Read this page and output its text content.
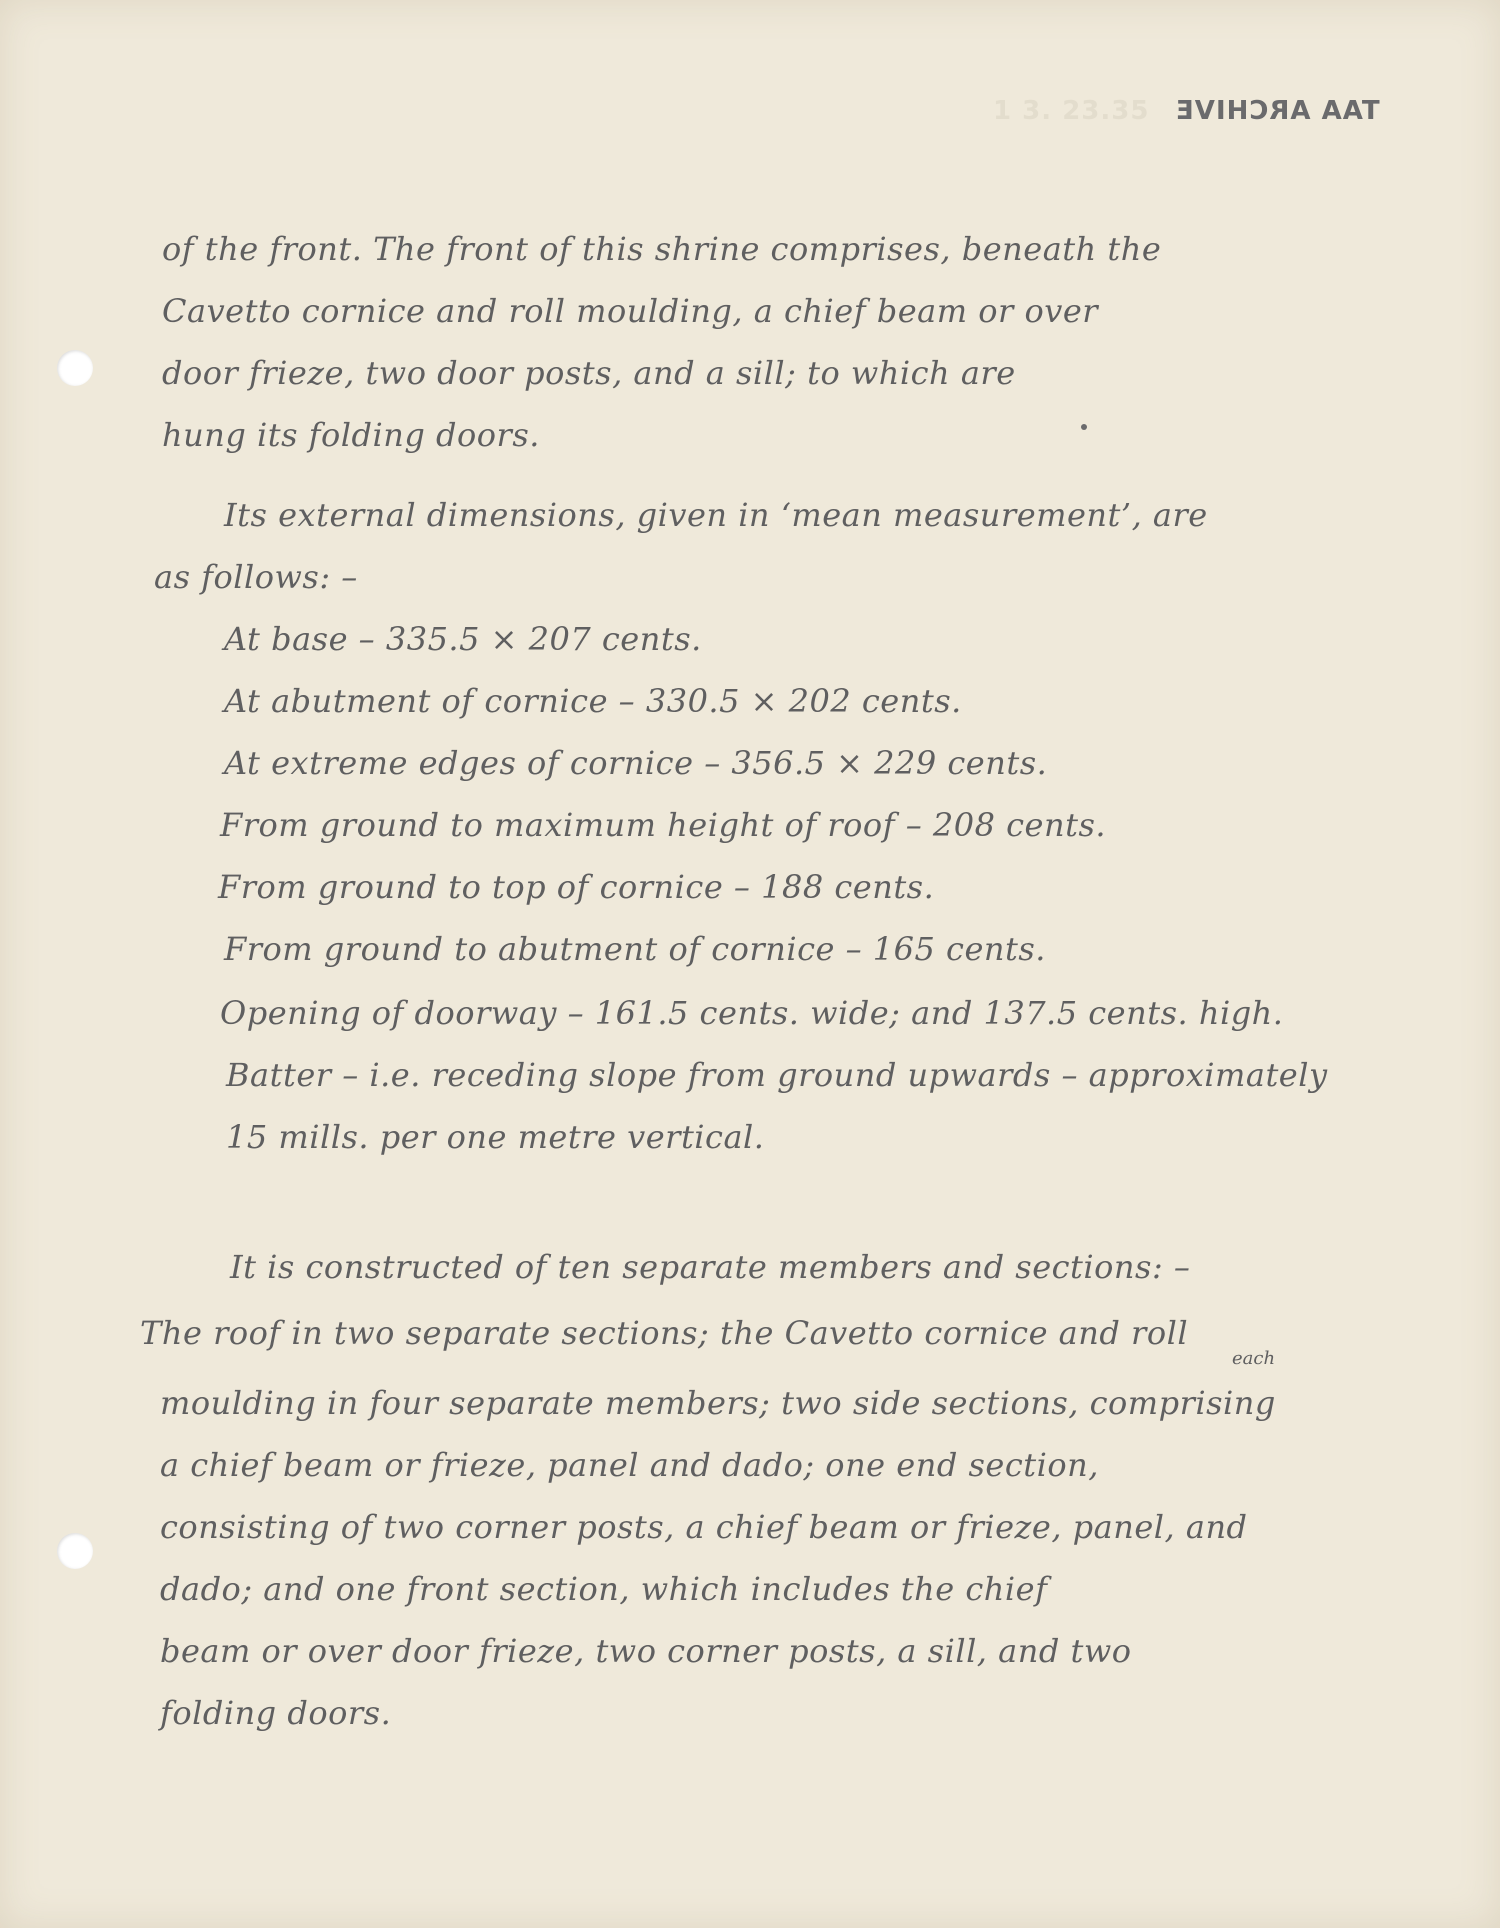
1 3. 23.35 TAA ARCHIVE
of the front. The front of this shrine comprises, beneath the
Cavetto cornice and roll moulding, a chief beam or over
door frieze, two door posts, and a sill; to which are
hung its folding doors.
Its external dimensions, given in ‘mean measurement’, are
as follows: –
At base – 335.5 × 207 cents.
At abutment of cornice – 330.5 × 202 cents.
At extreme edges of cornice – 356.5 × 229 cents.
From ground to maximum height of roof – 208 cents.
From ground to top of cornice – 188 cents.
From ground to abutment of cornice – 165 cents.
Opening of doorway – 161.5 cents. wide; and 137.5 cents. high.
Batter – i.e. receding slope from ground upwards – approximately
15 mills. per one metre vertical.
It is constructed of ten separate members and sections: –
The roof in two separate sections; the Cavetto cornice and roll
each
moulding in four separate members; two side sections, comprising
a chief beam or frieze, panel and dado; one end section,
consisting of two corner posts, a chief beam or frieze, panel, and
dado; and one front section, which includes the chief
beam or over door frieze, two corner posts, a sill, and two
folding doors.
